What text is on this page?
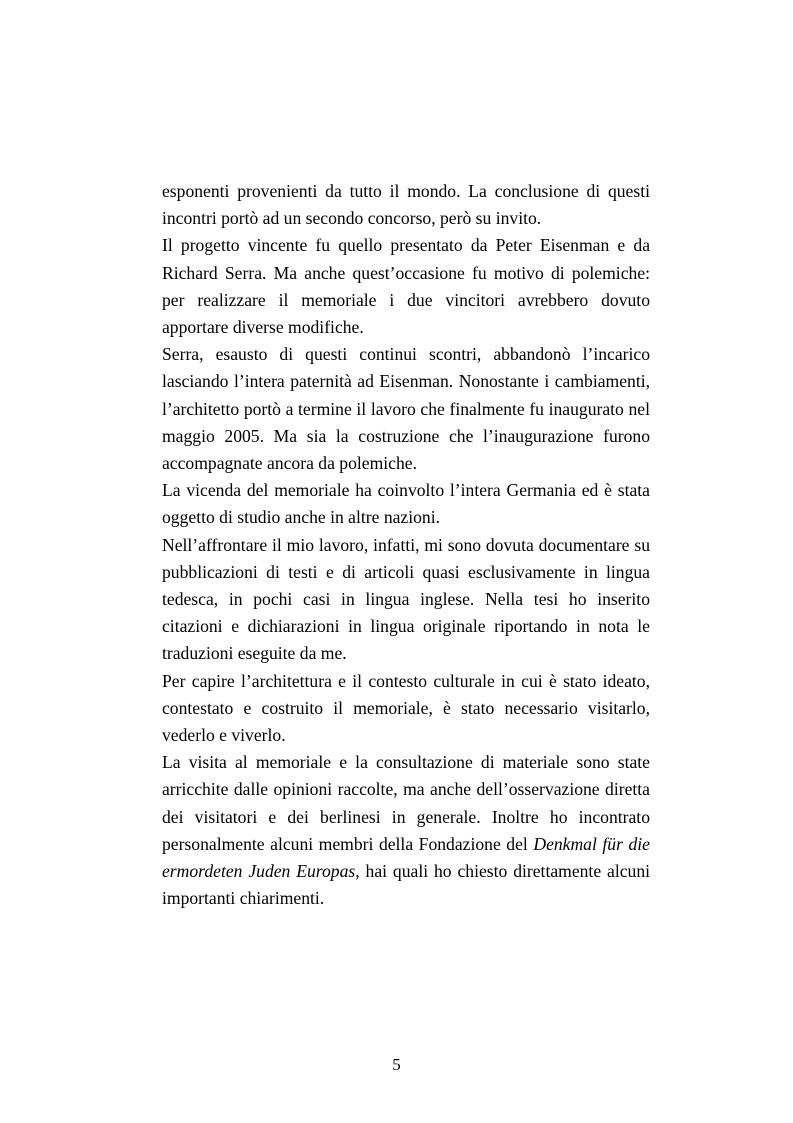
esponenti provenienti da tutto il mondo. La conclusione di questi incontri portò ad un secondo concorso, però su invito.

Il progetto vincente fu quello presentato da Peter Eisenman e da Richard Serra. Ma anche quest’occasione fu motivo di polemiche: per realizzare il memoriale i due vincitori avrebbero dovuto apportare diverse modifiche.

Serra, esausto di questi continui scontri, abbandonò l’incarico lasciando l’intera paternità ad Eisenman. Nonostante i cambiamenti, l’architetto portò a termine il lavoro che finalmente fu inaugurato nel maggio 2005. Ma sia la costruzione che l’inaugurazione furono accompagnate ancora da polemiche.

La vicenda del memoriale ha coinvolto l’intera Germania ed è stata oggetto di studio anche in altre nazioni.

Nell’affrontare il mio lavoro, infatti, mi sono dovuta documentare su pubblicazioni di testi e di articoli quasi esclusivamente in lingua tedesca, in pochi casi in lingua inglese. Nella tesi ho inserito citazioni e dichiarazioni in lingua originale riportando in nota le traduzioni eseguite da me.

Per capire l’architettura e il contesto culturale in cui è stato ideato, contestato e costruito il memoriale, è stato necessario visitarlo, vederlo e viverlo.

La visita al memoriale e la consultazione di materiale sono state arricchite dalle opinioni raccolte, ma anche dell’osservazione diretta dei visitatori e dei berlinesi in generale. Inoltre ho incontrato personalmente alcuni membri della Fondazione del Denkmal für die ermordeten Juden Europas, hai quali ho chiesto direttamente alcuni importanti chiarimenti.

5
